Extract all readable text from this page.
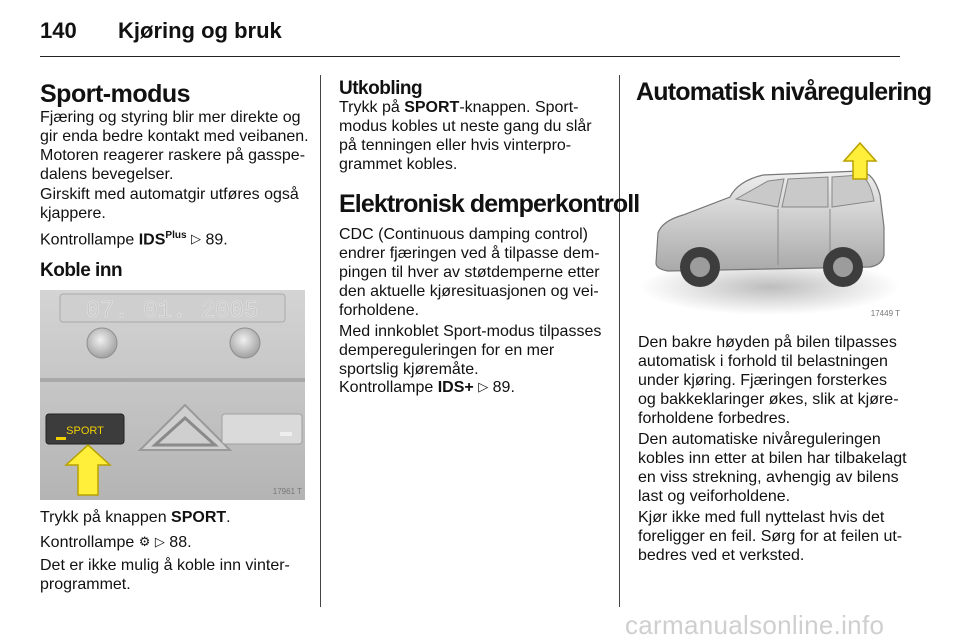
140 Kjøring og bruk
Sport-modus
Fjæring og styring blir mer direkte og
gir enda bedre kontakt med veibanen.
Motoren reagerer raskere på gasspe-
dalens bevegelser.
Girskift med automatgir utføres også
kjappere.
Kontrollampe $IDS^{Plus}$ ▷ 89.
Koble inn
07. 01. 2005
SPORT
17961 T
Trykk på knappen SPORT.
Kontrollampe ⚙ ▷ 88.
Det er ikke mulig å koble inn vinter-
programmet.
Utkobling
Trykk på SPORT-knappen. Sport-
modus kobles ut neste gang du slår
på tenningen eller hvis vinterpro-
grammet kobles.
Elektronisk demperkontroll
CDC (Continuous damping control)
endrer fjæringen ved å tilpasse dem-
pingen til hver av støtdemperne etter
den aktuelle kjøresituasjonen og vei-
forholdene.
Med innkoblet Sport-modus tilpasses
dempereguleringen for en mer
sportslig kjøremåte.
Kontrollampe IDS+ ▷ 89.
Automatisk nivåregulering
17449 T
Den bakre høyden på bilen tilpasses
automatisk i forhold til belastningen
under kjøring. Fjæringen forsterkes
og bakkeklaringer økes, slik at kjøre-
forholdene forbedres.
Den automatiske nivåreguleringen
kobles inn etter at bilen har tilbakelagt
en viss strekning, avhengig av bilens
last og veiforholdene.
Kjør ikke med full nyttelast hvis det
foreligger en feil. Sørg for at feilen ut-
bedres ved et verksted.
carmanualsonline.info
